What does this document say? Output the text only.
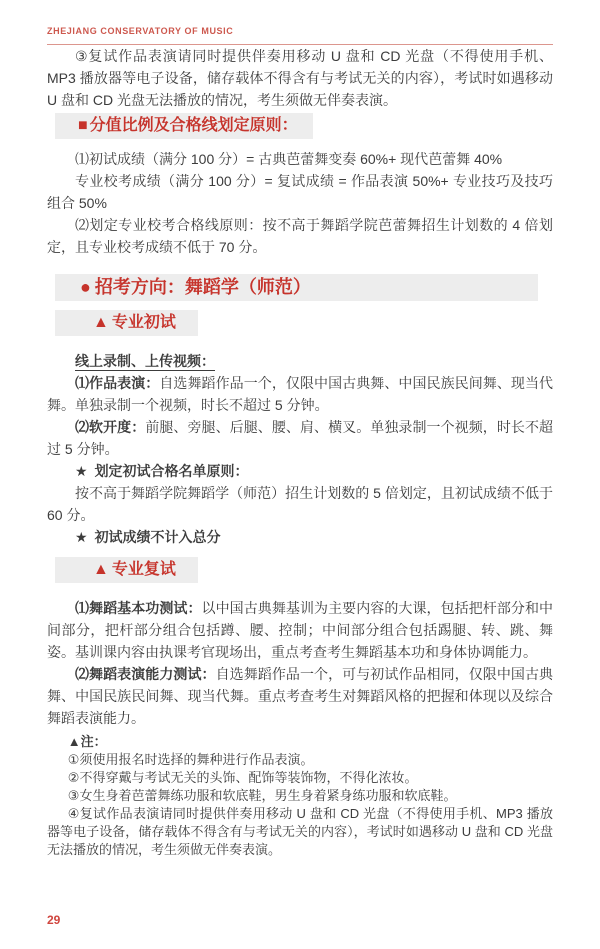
ZHEJIANG CONSERVATORY OF MUSIC

③复试作品表演请同时提供伴奏用移动 U 盘和 CD 光盘（不得使用手机、MP3 播放器等电子设备，储存载体不得含有与考试无关的内容），考试时如遇移动 U 盘和 CD 光盘无法播放的情况，考生须做无伴奏表演。

■ 分值比例及合格线划定原则：

⑴初试成绩（满分 100 分）= 古典芭蕾舞变奏 60%+ 现代芭蕾舞 40%

专业校考成绩（满分 100 分）= 复试成绩 = 作品表演 50%+ 专业技巧及技巧组合 50%

⑵划定专业校考合格线原则：按不高于舞蹈学院芭蕾舞招生计划数的 4 倍划定，且专业校考成绩不低于 70 分。

● 招考方向：舞蹈学（师范）
▲ 专业初试

线上录制、上传视频：

⑴作品表演：自选舞蹈作品一个，仅限中国古典舞、中国民族民间舞、现当代舞。单独录制一个视频，时长不超过 5 分钟。

⑵软开度：前腿、旁腿、后腿、腰、肩、横叉。单独录制一个视频，时长不超过 5 分钟。

★ 划定初试合格名单原则：

按不高于舞蹈学院舞蹈学（师范）招生计划数的 5 倍划定，且初试成绩不低于 60 分。

★ 初试成绩不计入总分

▲ 专业复试

⑴舞蹈基本功测试：以中国古典舞基训为主要内容的大课，包括把杆部分和中间部分，把杆部分组合包括蹲、腰、控制；中间部分组合包括踢腿、转、跳、舞姿。基训课内容由执课考官现场出，重点考查考生舞蹈基本功和身体协调能力。

⑵舞蹈表演能力测试：自选舞蹈作品一个，可与初试作品相同，仅限中国古典舞、中国民族民间舞、现当代舞。重点考查考生对舞蹈风格的把握和体现以及综合舞蹈表演能力。

▲注：

①须使用报名时选择的舞种进行作品表演。

②不得穿戴与考试无关的头饰、配饰等装饰物，不得化浓妆。

③女生身着芭蕾舞练功服和软底鞋，男生身着紧身练功服和软底鞋。

④复试作品表演请同时提供伴奏用移动 U 盘和 CD 光盘（不得使用手机、MP3 播放器等电子设备，储存载体不得含有与考试无关的内容），考试时如遇移动 U 盘和 CD 光盘无法播放的情况，考生须做无伴奏表演。

29
